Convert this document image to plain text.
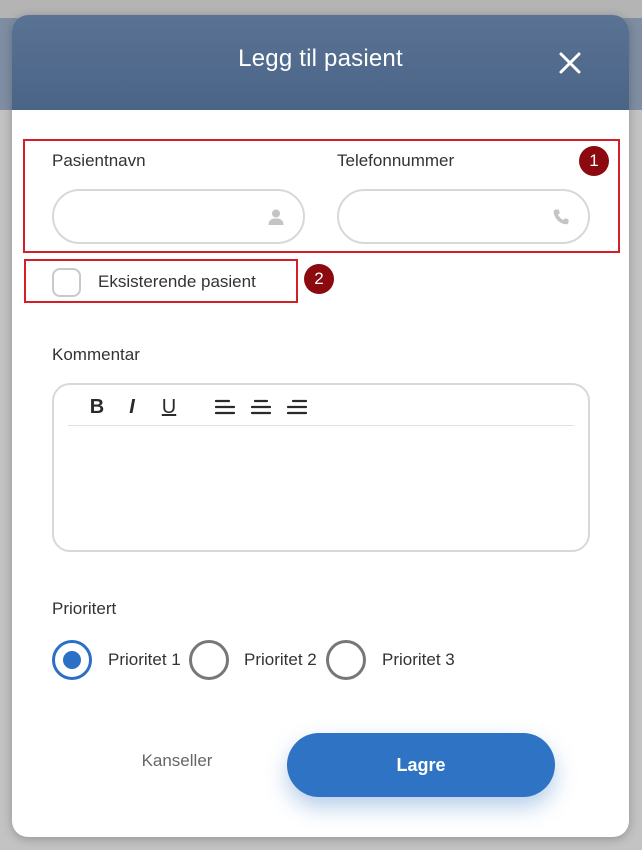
Legg til pasient
1
Pasientnavn	Telefonnummer
2
Eksisterende pasient
Kommentar
B	I	U
Prioritert
Prioritet 1	Prioritet 2	Prioritet 3
Kanseller	Lagre
